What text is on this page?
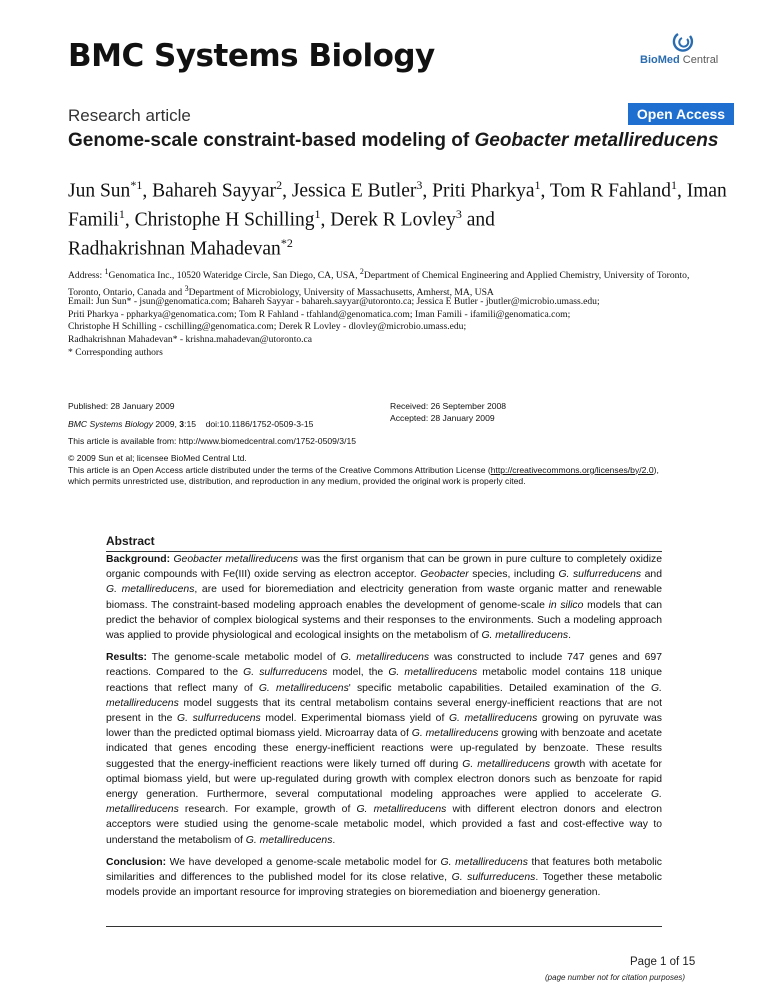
BMC Systems Biology	BioMed Central
Research article	Open Access
Genome-scale constraint-based modeling of Geobacter metallireducens
Jun Sun$^{*1}$, Bahareh Sayyar$^2$, Jessica E Butler$^3$, Priti Pharkya$^1$, Tom R Fahland$^1$, Iman Famili$^1$, Christophe H Schilling$^1$, Derek R Lovley$^3$ and
Radhakrishnan Mahadevan$^{*2}$
Address: $^1$Genomatica Inc., 10520 Wateridge Circle, San Diego, CA, USA, $^2$Department of Chemical Engineering and Applied Chemistry, University of Toronto, Toronto, Ontario, Canada and $^3$Department of Microbiology, University of Massachusetts, Amherst, MA, USA
Email: Jun Sun* - jsun@genomatica.com; Bahareh Sayyar - bahareh.sayyar@utoronto.ca; Jessica E Butler - jbutler@microbio.umass.edu;
Priti Pharkya - ppharkya@genomatica.com; Tom R Fahland - tfahland@genomatica.com; Iman Famili - ifamili@genomatica.com;
Christophe H Schilling - cschilling@genomatica.com; Derek R Lovley - dlovley@microbio.umass.edu;
Radhakrishnan Mahadevan* - krishna.mahadevan@utoronto.ca
* Corresponding authors
Published: 28 January 2009	Received: 26 September 2008
Accepted: 28 January 2009
BMC Systems Biology 2009, 3:15    doi:10.1186/1752-0509-3-15
This article is available from: http://www.biomedcentral.com/1752-0509/3/15
© 2009 Sun et al; licensee BioMed Central Ltd.
This article is an Open Access article distributed under the terms of the Creative Commons Attribution License (http://creativecommons.org/licenses/by/2.0),
which permits unrestricted use, distribution, and reproduction in any medium, provided the original work is properly cited.
Abstract

Background: Geobacter metallireducens was the first organism that can be grown in pure culture to completely oxidize organic compounds with Fe(III) oxide serving as electron acceptor. Geobacter species, including G. sulfurreducens and G. metallireducens, are used for bioremediation and electricity generation from waste organic matter and renewable biomass. The constraint-based modeling approach enables the development of genome-scale in silico models that can predict the behavior of complex biological systems and their responses to the environments. Such a modeling approach was applied to provide physiological and ecological insights on the metabolism of G. metallireducens.

Results: The genome-scale metabolic model of G. metallireducens was constructed to include 747 genes and 697 reactions. Compared to the G. sulfurreducens model, the G. metallireducens metabolic model contains 118 unique reactions that reflect many of G. metallireducens' specific metabolic capabilities. Detailed examination of the G. metallireducens model suggests that its central metabolism contains several energy-inefficient reactions that are not present in the G. sulfurreducens model. Experimental biomass yield of G. metallireducens growing on pyruvate was lower than the predicted optimal biomass yield. Microarray data of G. metallireducens growing with benzoate and acetate indicated that genes encoding these energy-inefficient reactions were up-regulated by benzoate. These results suggested that the energy-inefficient reactions were likely turned off during G. metallireducens growth with acetate for optimal biomass yield, but were up-regulated during growth with complex electron donors such as benzoate for rapid energy generation. Furthermore, several computational modeling approaches were applied to accelerate G. metallireducens research. For example, growth of G. metallireducens with different electron donors and electron acceptors were studied using the genome-scale metabolic model, which provided a fast and cost-effective way to understand the metabolism of G. metallireducens.

Conclusion: We have developed a genome-scale metabolic model for G. metallireducens that features both metabolic similarities and differences to the published model for its close relative, G. sulfurreducens. Together these metabolic models provide an important resource for improving strategies on bioremediation and bioenergy generation.

Page 1 of 15
(page number not for citation purposes)
